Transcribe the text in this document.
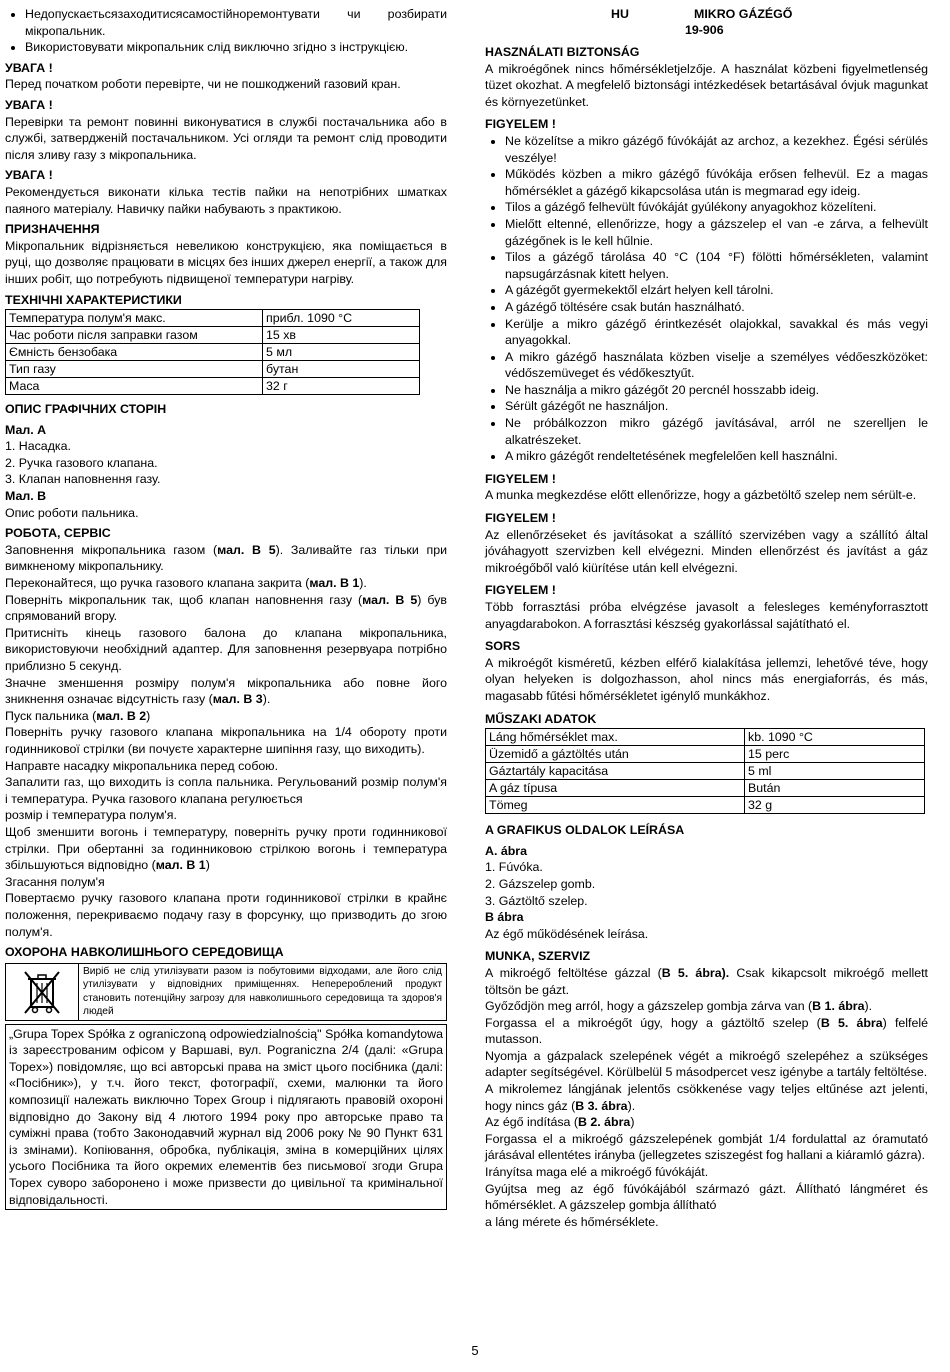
• Недопускаєтьсязаходитисясамостійноремонтувати чи розбирати мікропальник.
• Використовувати мікропальник слід виключно згідно з інструкцією.

УВАГА !

Перед початком роботи перевірте, чи не пошкоджений газовий кран.

УВАГА !

Перевірки та ремонт повинні виконуватися в службі постачальника або в службі, затвердженій постачальником. Усі огляди та ремонт слід проводити після зливу газу з мікропальника.

УВАГА !

Рекомендується виконати кілька тестів пайки на непотрібних шматках паяного матеріалу. Навичку пайки набувають з практикою.

ПРИЗНАЧЕННЯ

Мікропальник відрізняється невеликою конструкцією, яка поміщається в руці, що дозволяє працювати в місцях без інших джерел енергії, а також для інших робіт, що потребують підвищеної температури нагріву.

ТЕХНІЧНІ ХАРАКТЕРИСТИКИ

Температура полум'я макс.	прибл. 1090 °C
Час роботи після заправки газом	15 хв
Ємність бензобака	5 мл
Тип газу	бутан
Маса	32 г

ОПИС ГРАФІЧНИХ СТОРІН

Мал. A

1. Насадка.

2. Ручка газового клапана.

3. Клапан наповнення газу.

Мал. B

Опис роботи пальника.

РОБОТА, СЕРВІС

Заповнення мікропальника газом (мал. B 5). Заливайте газ тільки при вимкненому мікропальнику.

Переконайтеся, що ручка газового клапана закрита (мал. B 1).

Поверніть мікропальник так, щоб клапан наповнення газу (мал. B 5) був спрямований вгору.

Притисніть кінець газового балона до клапана мікропальника, використовуючи необхідний адаптер. Для заповнення резервуара потрібно приблизно 5 секунд.

Значне зменшення розміру полум'я мікропальника або повне його зникнення означає відсутність газу (мал. B 3).

Пуск пальника (мал. B 2)

Поверніть ручку газового клапана мікропальника на 1/4 обороту проти годинникової стрілки (ви почуєте характерне шипіння газу, що виходить).

Направте насадку мікропальника перед собою.

Запалити газ, що виходить із сопла пальника. Регульований розмір полум'я і температура. Ручка газового клапана регулюється

розмір і температура полум'я.

Щоб зменшити вогонь і температуру, поверніть ручку проти годинникової стрілки. При обертанні за годинниковою стрілкою вогонь і температура збільшуються відповідно (мал. B 1)

Згасання полум'я

Повертаємо ручку газового клапана проти годинникової стрілки в крайнє положення, перекриваємо подачу газу в форсунку, що призводить до згою полум'я.

ОХОРОНА НАВКОЛИШНЬОГО СЕРЕДОВИЩА

Виріб не слід утилізувати разом із побутовими відходами, але його слід утилізувати у відповідних приміщеннях. Неперероблений продукт становить потенційну загрозу для навколишнього середовища та здоров'я людей

„Grupa Topex Spółka z ograniczoną odpowiedzialnością" Spółka komandytowa із зареєстрованим офісом у Варшаві, вул. Pograniczna 2/4 (далі: «Grupa Topex») повідомляє, що всі авторські права на зміст цього посібника (далі: «Посібник»), у т.ч. його текст, фотографії, схеми, малюнки та його композиції належать виключно Topex Group і підлягають правовій охороні відповідно до Закону від 4 лютого 1994 року про авторське право та суміжні права (тобто Законодавчий журнал від 2006 року № 90 Пункт 631 із змінами). Копіювання, обробка, публікація, зміна в комерційних цілях усього Посібника та його окремих елементів без письмової згоди Grupa Topex суворо заборонено і може призвести до цивільної та кримінальної відповідальності.

HU	MIKRO GÁZÉGŐ
19-906

HASZNÁLATI BIZTONSÁG

A mikroégőnek nincs hőmérsékletjelzője. A használat közbeni figyelmetlenség tüzet okozhat. A megfelelő biztonsági intézkedések betartásával óvjuk magunkat és környezetünket.

FIGYELEM !

• Ne közelítse a mikro gázégő fúvókáját az archoz, a kezekhez. Égési sérülés veszélye!
• Működés közben a mikro gázégő fúvókája erősen felhevül. Ez a magas hőmérséklet a gázégő kikapcsolása után is megmarad egy ideig.
• Tilos a gázégő felhevült fúvókáját gyúlékony anyagokhoz közelíteni.
• Mielőtt eltenné, ellenőrizze, hogy a gázszelep el van -e zárva, a felhevült gázégőnek is le kell hűlnie.
• Tilos a gázégő tárolása 40 °C (104 °F) fölötti hőmérsékleten, valamint napsugárzásnak kitett helyen.
• A gázégőt gyermekektől elzárt helyen kell tárolni.
• A gázégő töltésére csak bután használható.
• Kerülje a mikro gázégő érintkezését olajokkal, savakkal és más vegyi anyagokkal.
• A mikro gázégő használata közben viselje a személyes védőeszközöket: védőszemüveget és védőkesztyűt.
• Ne használja a mikro gázégőt 20 percnél hosszabb ideig.
• Sérült gázégőt ne használjon.
• Ne próbálkozzon mikro gázégő javításával, arról ne szerelljen le alkatrészeket.
• A mikro gázégőt rendeltetésének megfelelően kell használni.

FIGYELEM !

A munka megkezdése előtt ellenőrizze, hogy a gázbetöltő szelep nem sérült-e.

FIGYELEM !

Az ellenőrzéseket és javításokat a szállító szervizében vagy a szállító által jóváhagyott szervizben kell elvégezni. Minden ellenőrzést és javítást a gáz mikroégőből való kiürítése után kell elvégezni.

FIGYELEM !

Több forrasztási próba elvégzése javasolt a felesleges keményforrasztott anyagdarabokon. A forrasztási készség gyakorlással sajátítható el.

SORS

A mikroégőt kisméretű, kézben elférő kialakítása jellemzi, lehetővé téve, hogy olyan helyeken is dolgozhasson, ahol nincs más energiaforrás, és más, magasabb fűtési hőmérsékletet igénylő munkákhoz.

MŰSZAKI ADATOK

Láng hőmérséklet max.	kb. 1090 °C
Üzemidő a gáztöltés után	15 perc
Gáztartály kapacitása	5 ml
A gáz típusa	Bután
Tömeg	32 g

A GRAFIKUS OLDALOK LEÍRÁSA

A. ábra

1. Fúvóka.

2. Gázszelep gomb.

3. Gáztöltő szelep.

B ábra

Az égő működésének leírása.

MUNKA, SZERVIZ

A mikroégő feltöltése gázzal (B 5. ábra). Csak kikapcsolt mikroégő mellett töltsön be gázt.

Győződjön meg arról, hogy a gázszelep gombja zárva van (B 1. ábra).

Forgassa el a mikroégőt úgy, hogy a gáztöltő szelep (B 5. ábra) felfelé mutasson.

Nyomja a gázpalack szelepének végét a mikroégő szelepéhez a szükséges adapter segítségével. Körülbelül 5 másodpercet vesz igénybe a tartály feltöltése.

A mikrolemez lángjának jelentős csökkenése vagy teljes eltűnése azt jelenti, hogy nincs gáz (B 3. ábra).

Az égő indítása (B 2. ábra)

Forgassa el a mikroégő gázszelepének gombját 1/4 fordulattal az óramutató járásával ellentétes irányba (jellegzetes sziszegést fog hallani a kiáramló gázra).

Irányítsa maga elé a mikroégő fúvókáját.

Gyújtsa meg az égő fúvókájából származó gázt. Állítható lángméret és hőmérséklet. A gázszelep gombja állítható

a láng mérete és hőmérséklete.

5
